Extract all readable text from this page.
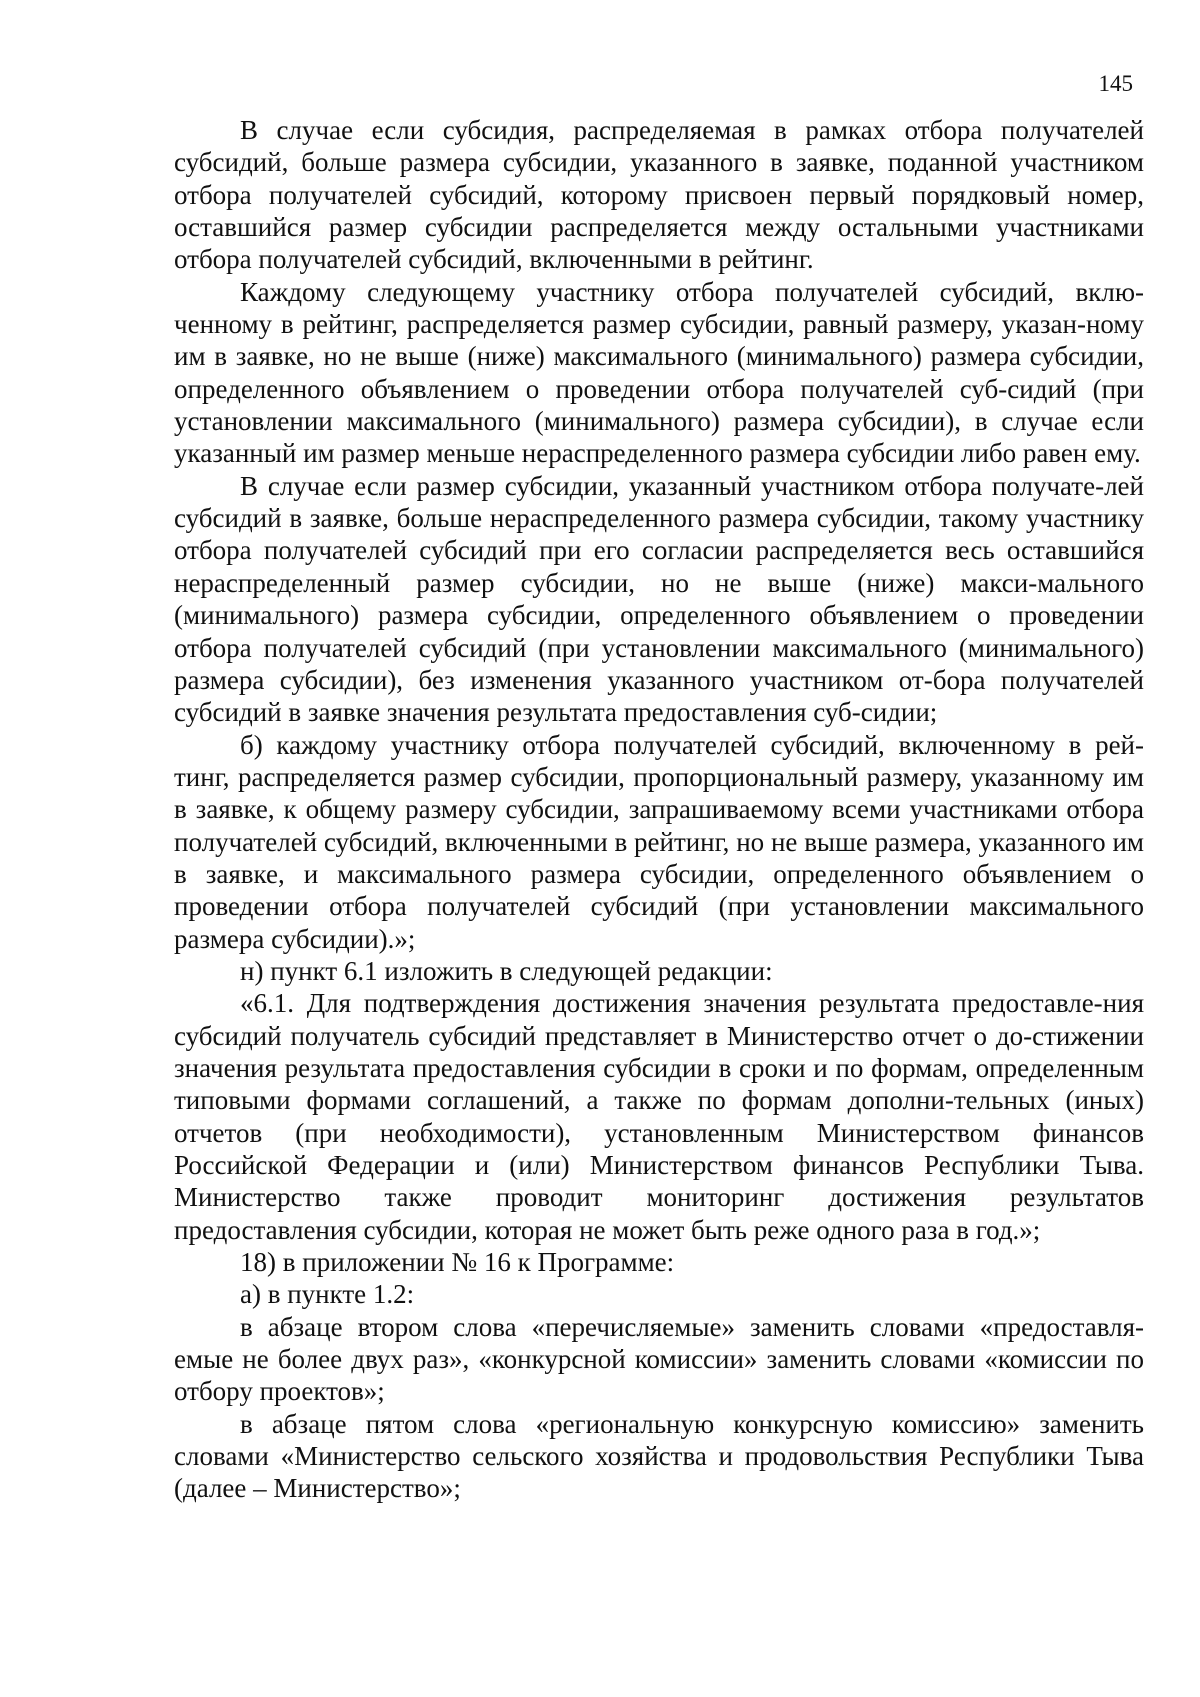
145

В случае если субсидия, распределяемая в рамках отбора получателей субсидий, больше размера субсидии, указанного в заявке, поданной участником отбора получателей субсидий, которому присвоен первый порядковый номер, оставшийся размер субсидии распределяется между остальными участниками отбора получателей субсидий, включенными в рейтинг.

Каждому следующему участнику отбора получателей субсидий, вклю-ченному в рейтинг, распределяется размер субсидии, равный размеру, указан-ному им в заявке, но не выше (ниже) максимального (минимального) размера субсидии, определенного объявлением о проведении отбора получателей суб-сидий (при установлении максимального (минимального) размера субсидии), в случае если указанный им размер меньше нераспределенного размера субсидии либо равен ему.

В случае если размер субсидии, указанный участником отбора получате-лей субсидий в заявке, больше нераспределенного размера субсидии, такому участнику отбора получателей субсидий при его согласии распределяется весь оставшийся нераспределенный размер субсидии, но не выше (ниже) макси-мального (минимального) размера субсидии, определенного объявлением о проведении отбора получателей субсидий (при установлении максимального (минимального) размера субсидии), без изменения указанного участником от-бора получателей субсидий в заявке значения результата предоставления суб-сидии;

б) каждому участнику отбора получателей субсидий, включенному в рей-тинг, распределяется размер субсидии, пропорциональный размеру, указанному им в заявке, к общему размеру субсидии, запрашиваемому всеми участниками отбора получателей субсидий, включенными в рейтинг, но не выше размера, указанного им в заявке, и максимального размера субсидии, определенного объявлением о проведении отбора получателей субсидий (при установлении максимального размера субсидии).»;

н) пункт 6.1 изложить в следующей редакции:

«6.1. Для подтверждения достижения значения результата предоставле-ния субсидий получатель субсидий представляет в Министерство отчет о до-стижении значения результата предоставления субсидии в сроки и по формам, определенным типовыми формами соглашений, а также по формам дополни-тельных (иных) отчетов (при необходимости), установленным Министерством финансов Российской Федерации и (или) Министерством финансов Республики Тыва. Министерство также проводит мониторинг достижения результатов предоставления субсидии, которая не может быть реже одного раза в год.»;

18) в приложении № 16 к Программе:

а) в пункте 1.2:

в абзаце втором слова «перечисляемые» заменить словами «предоставля-емые не более двух раз», «конкурсной комиссии» заменить словами «комиссии по отбору проектов»;

в абзаце пятом слова «региональную конкурсную комиссию» заменить словами «Министерство сельского хозяйства и продовольствия Республики Тыва (далее – Министерство»;
